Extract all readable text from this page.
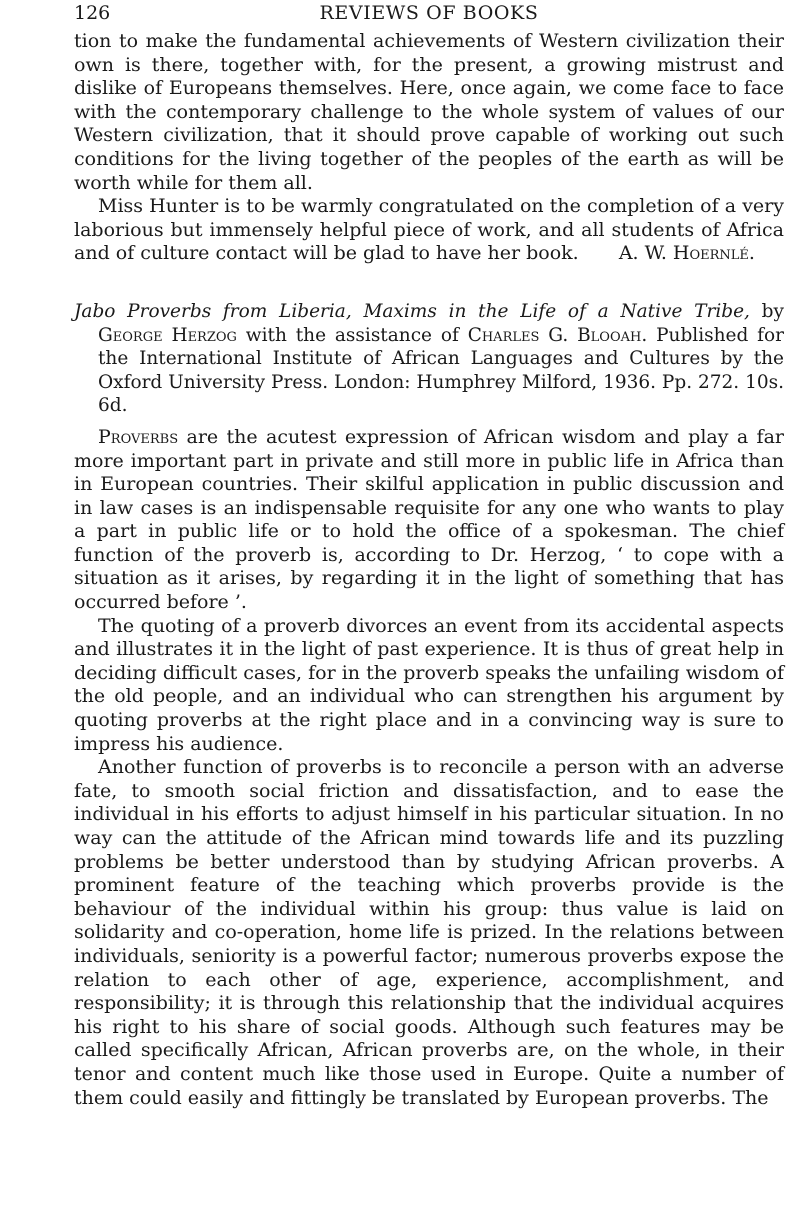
126	REVIEWS OF BOOKS

tion to make the fundamental achievements of Western civilization their own is there, together with, for the present, a growing mistrust and dislike of Europeans themselves. Here, once again, we come face to face with the contemporary challenge to the whole system of values of our Western civilization, that it should prove capable of working out such conditions for the living together of the peoples of the earth as will be worth while for them all.

Miss Hunter is to be warmly congratulated on the completion of a very laborious but immensely helpful piece of work, and all students of Africa and of culture contact will be glad to have her book. A. W. Hoernlé.

Jabo Proverbs from Liberia, Maxims in the Life of a Native Tribe, by George Herzog with the assistance of Charles G. Blooah. Published for the International Institute of African Languages and Cultures by the Oxford University Press. London: Humphrey Milford, 1936. Pp. 272. 10s. 6d.

Proverbs are the acutest expression of African wisdom and play a far more important part in private and still more in public life in Africa than in European countries. Their skilful application in public discussion and in law cases is an indispensable requisite for any one who wants to play a part in public life or to hold the office of a spokesman. The chief function of the proverb is, according to Dr. Herzog, ‘ to cope with a situation as it arises, by regarding it in the light of something that has occurred before ’.

The quoting of a proverb divorces an event from its accidental aspects and illustrates it in the light of past experience. It is thus of great help in deciding difficult cases, for in the proverb speaks the unfailing wisdom of the old people, and an individual who can strengthen his argument by quoting proverbs at the right place and in a convincing way is sure to impress his audience.

Another function of proverbs is to reconcile a person with an adverse fate, to smooth social friction and dissatisfaction, and to ease the individual in his efforts to adjust himself in his particular situation. In no way can the attitude of the African mind towards life and its puzzling problems be better understood than by studying African proverbs. A prominent feature of the teaching which proverbs provide is the behaviour of the individual within his group: thus value is laid on solidarity and co-operation, home life is prized. In the relations between individuals, seniority is a powerful factor; numerous proverbs expose the relation to each other of age, experience, accomplishment, and responsibility; it is through this relationship that the individual acquires his right to his share of social goods. Although such features may be called specifically African, African proverbs are, on the whole, in their tenor and content much like those used in Europe. Quite a number of them could easily and fittingly be translated by European proverbs. The
